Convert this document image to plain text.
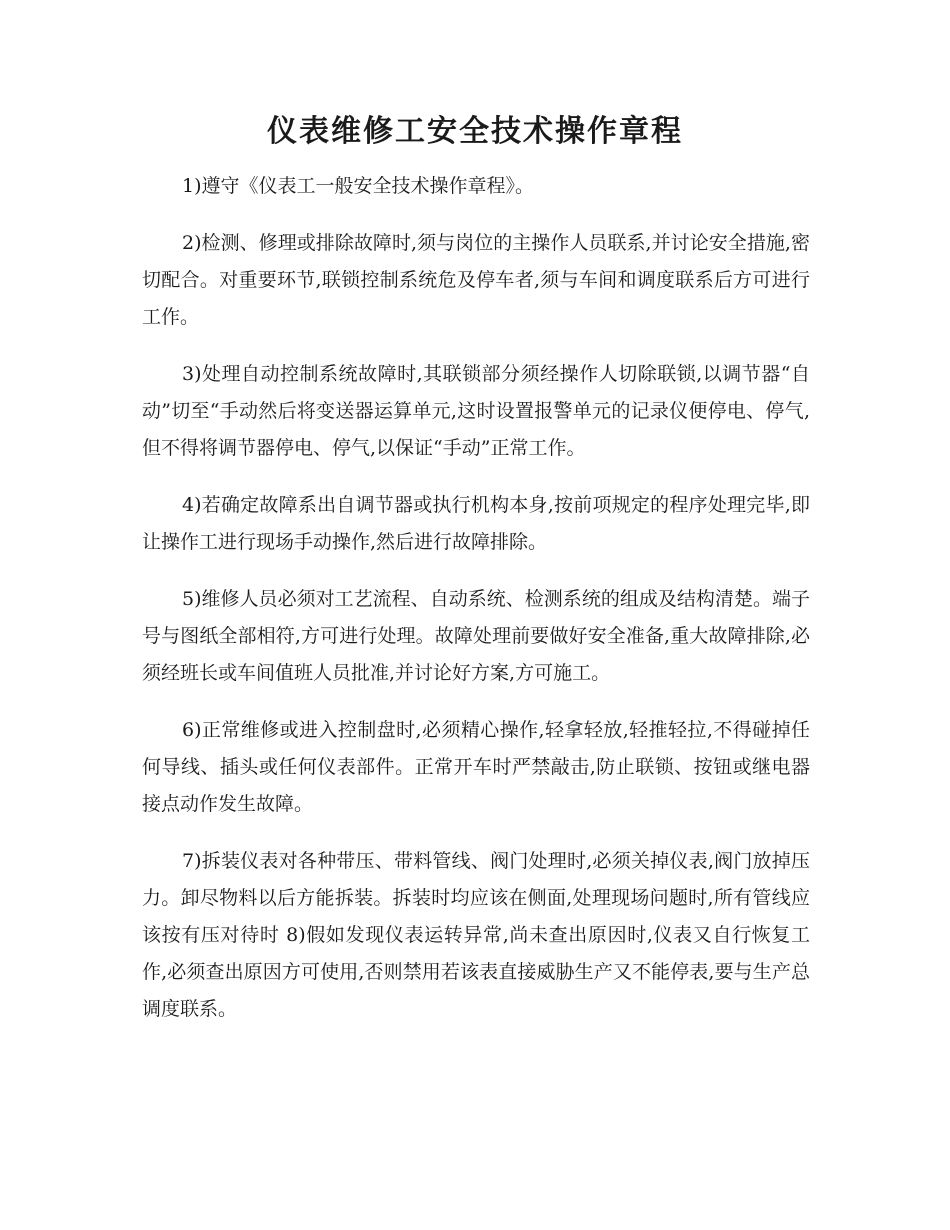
仪表维修工安全技术操作章程

1)遵守《仪表工一般安全技术操作章程》。

2)检测、修理或排除故障时,须与岗位的主操作人员联系,并讨论安全措施,密切配合。对重要环节,联锁控制系统危及停车者,须与车间和调度联系后方可进行工作。

3)处理自动控制系统故障时,其联锁部分须经操作人切除联锁,以调节器“自动”切至“手动然后将变送器运算单元,这时设置报警单元的记录仪便停电、停气,但不得将调节器停电、停气,以保证“手动”正常工作。

4)若确定故障系出自调节器或执行机构本身,按前项规定的程序处理完毕,即让操作工进行现场手动操作,然后进行故障排除。

5)维修人员必须对工艺流程、自动系统、检测系统的组成及结构清楚。端子号与图纸全部相符,方可进行处理。故障处理前要做好安全准备,重大故障排除,必须经班长或车间值班人员批准,并讨论好方案,方可施工。

6)正常维修或进入控制盘时,必须精心操作,轻拿轻放,轻推轻拉,不得碰掉任何导线、插头或任何仪表部件。正常开车时严禁敲击,防止联锁、按钮或继电器接点动作发生故障。

7)拆装仪表对各种带压、带料管线、阀门处理时,必须关掉仪表,阀门放掉压力。卸尽物料以后方能拆装。拆装时均应该在侧面,处理现场问题时,所有管线应该按有压对待时 8)假如发现仪表运转异常,尚未查出原因时,仪表又自行恢复工作,必须查出原因方可使用,否则禁用若该表直接威胁生产又不能停表,要与生产总调度联系。
